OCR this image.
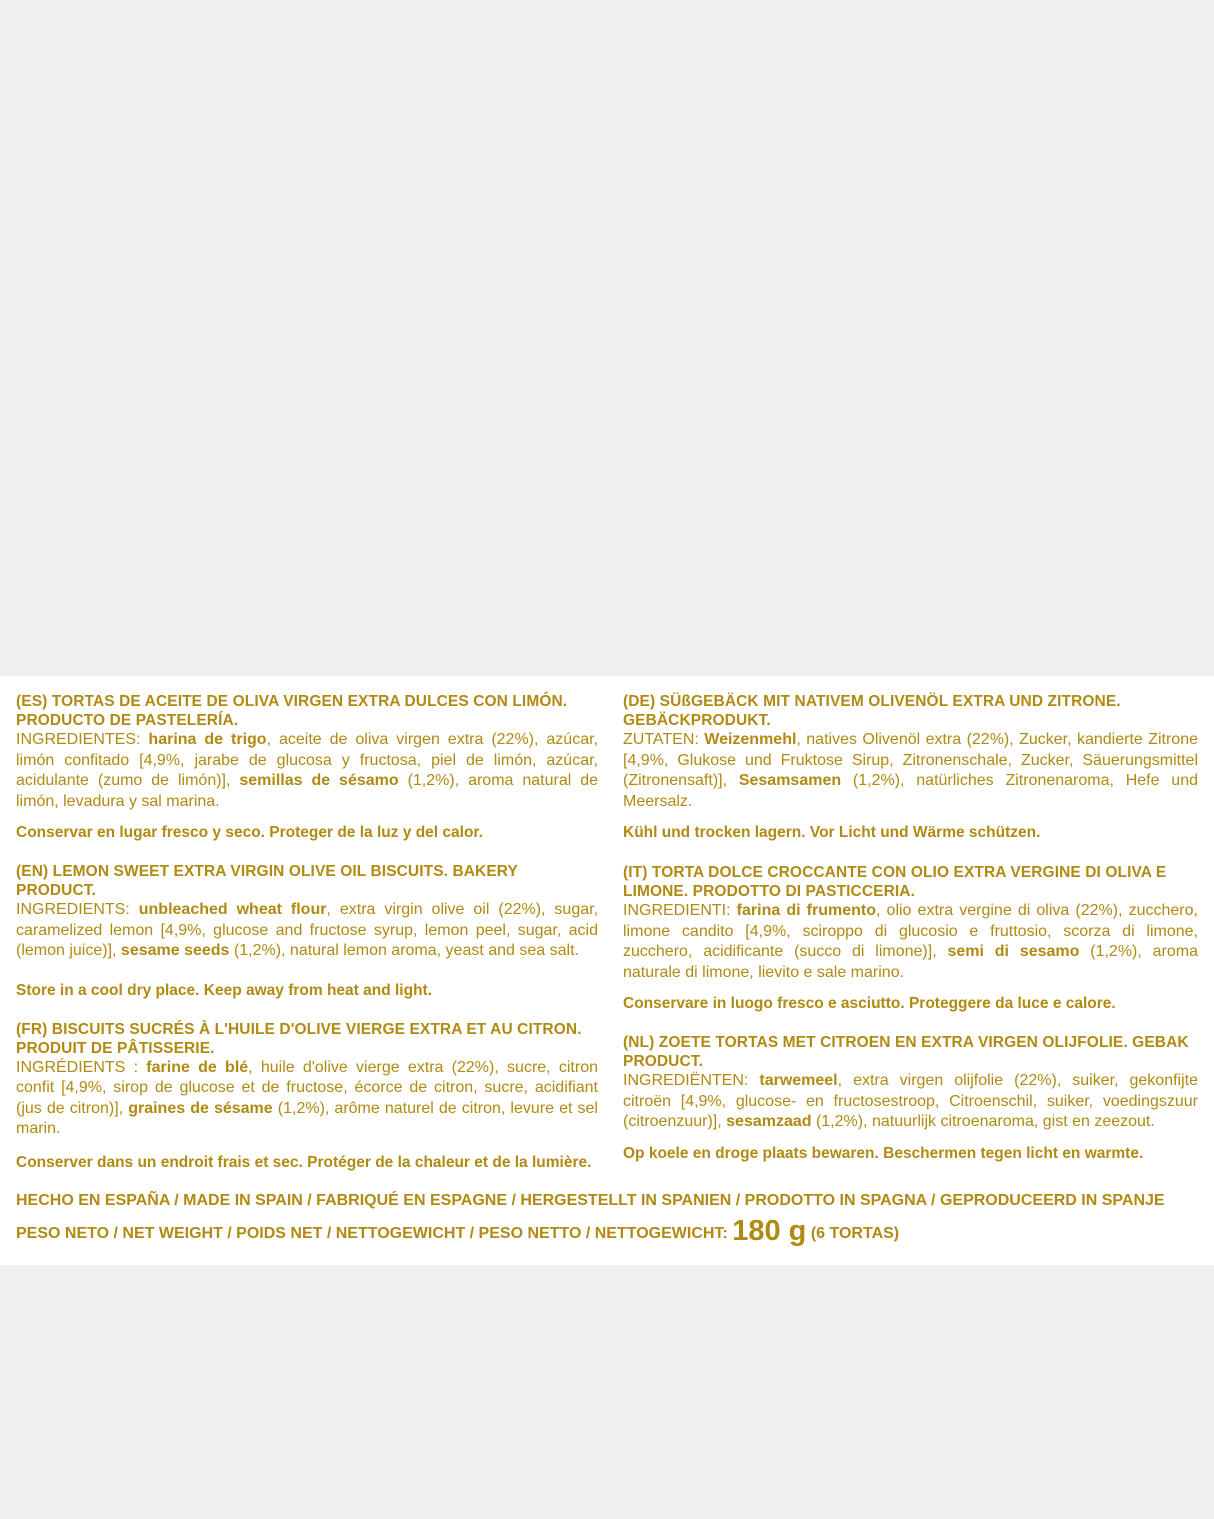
(ES) TORTAS DE ACEITE DE OLIVA VIRGEN EXTRA DULCES CON LIMÓN. PRODUCTO DE PASTELERÍA.

INGREDIENTES: harina de trigo, aceite de oliva virgen extra (22%), azúcar, limón confitado [4,9%, jarabe de glucosa y fructosa, piel de limón, azúcar, acidulante (zumo de limón)], semillas de sésamo (1,2%), aroma natural de limón, levadura y sal marina.

Conservar en lugar fresco y seco. Proteger de la luz y del calor.

(EN) LEMON SWEET EXTRA VIRGIN OLIVE OIL BISCUITS. BAKERY PRODUCT.

INGREDIENTS: unbleached wheat flour, extra virgin olive oil (22%), sugar, caramelized lemon [4,9%, glucose and fructose syrup, lemon peel, sugar, acid (lemon juice)], sesame seeds (1,2%), natural lemon aroma, yeast and sea salt.

Store in a cool dry place. Keep away from heat and light.

(FR) BISCUITS SUCRÉS À L'HUILE D'OLIVE VIERGE EXTRA ET AU CITRON. PRODUIT DE PÂTISSERIE.

INGRÉDIENTS : farine de blé, huile d'olive vierge extra (22%), sucre, citron confit [4,9%, sirop de glucose et de fructose, écorce de citron, sucre, acidifiant (jus de citron)], graines de sésame (1,2%), arôme naturel de citron, levure et sel marin.

Conserver dans un endroit frais et sec. Protéger de la chaleur et de la lumière.

(DE) SÜßGEBÄCK MIT NATIVEM OLIVENÖL EXTRA UND ZITRONE. GEBÄCKPRODUKT.

ZUTATEN: Weizenmehl, natives Olivenöl extra (22%), Zucker, kandierte Zitrone [4,9%, Glukose und Fruktose Sirup, Zitronenschale, Zucker, Säuerungsmittel (Zitronensaft)], Sesamsamen (1,2%), natürliches Zitronenaroma, Hefe und Meersalz.

Kühl und trocken lagern. Vor Licht und Wärme schützen.

(IT) TORTA DOLCE CROCCANTE CON OLIO EXTRA VERGINE DI OLIVA E LIMONE. PRODOTTO DI PASTICCERIA.

INGREDIENTI: farina di frumento, olio extra vergine di oliva (22%), zucchero, limone candito [4,9%, sciroppo di glucosio e fruttosio, scorza di limone, zucchero, acidificante (succo di limone)], semi di sesamo (1,2%), aroma naturale di limone, lievito e sale marino.

Conservare in luogo fresco e asciutto. Proteggere da luce e calore.

(NL) ZOETE TORTAS MET CITROEN EN EXTRA VIRGEN OLIJFOLIE. GEBAK PRODUCT.

INGREDIËNTEN: tarwemeel, extra virgen olijfolie (22%), suiker, gekonfijte citroën [4,9%, glucose- en fructosestroop, Citroenschil, suiker, voedingszuur (citroenzuur)], sesamzaad (1,2%), natuurlijk citroenaroma, gist en zeezout.

Op koele en droge plaats bewaren. Beschermen tegen licht en warmte.

HECHO EN ESPAÑA / MADE IN SPAIN / FABRIQUÉ EN ESPAGNE / HERGESTELLT IN SPANIEN / PRODOTTO IN SPAGNA / GEPRODUCEERD IN SPANJE

PESO NETO / NET WEIGHT / POIDS NET / NETTOGEWICHT / PESO NETTO / NETTOGEWICHT: 180 g (6 TORTAS)
